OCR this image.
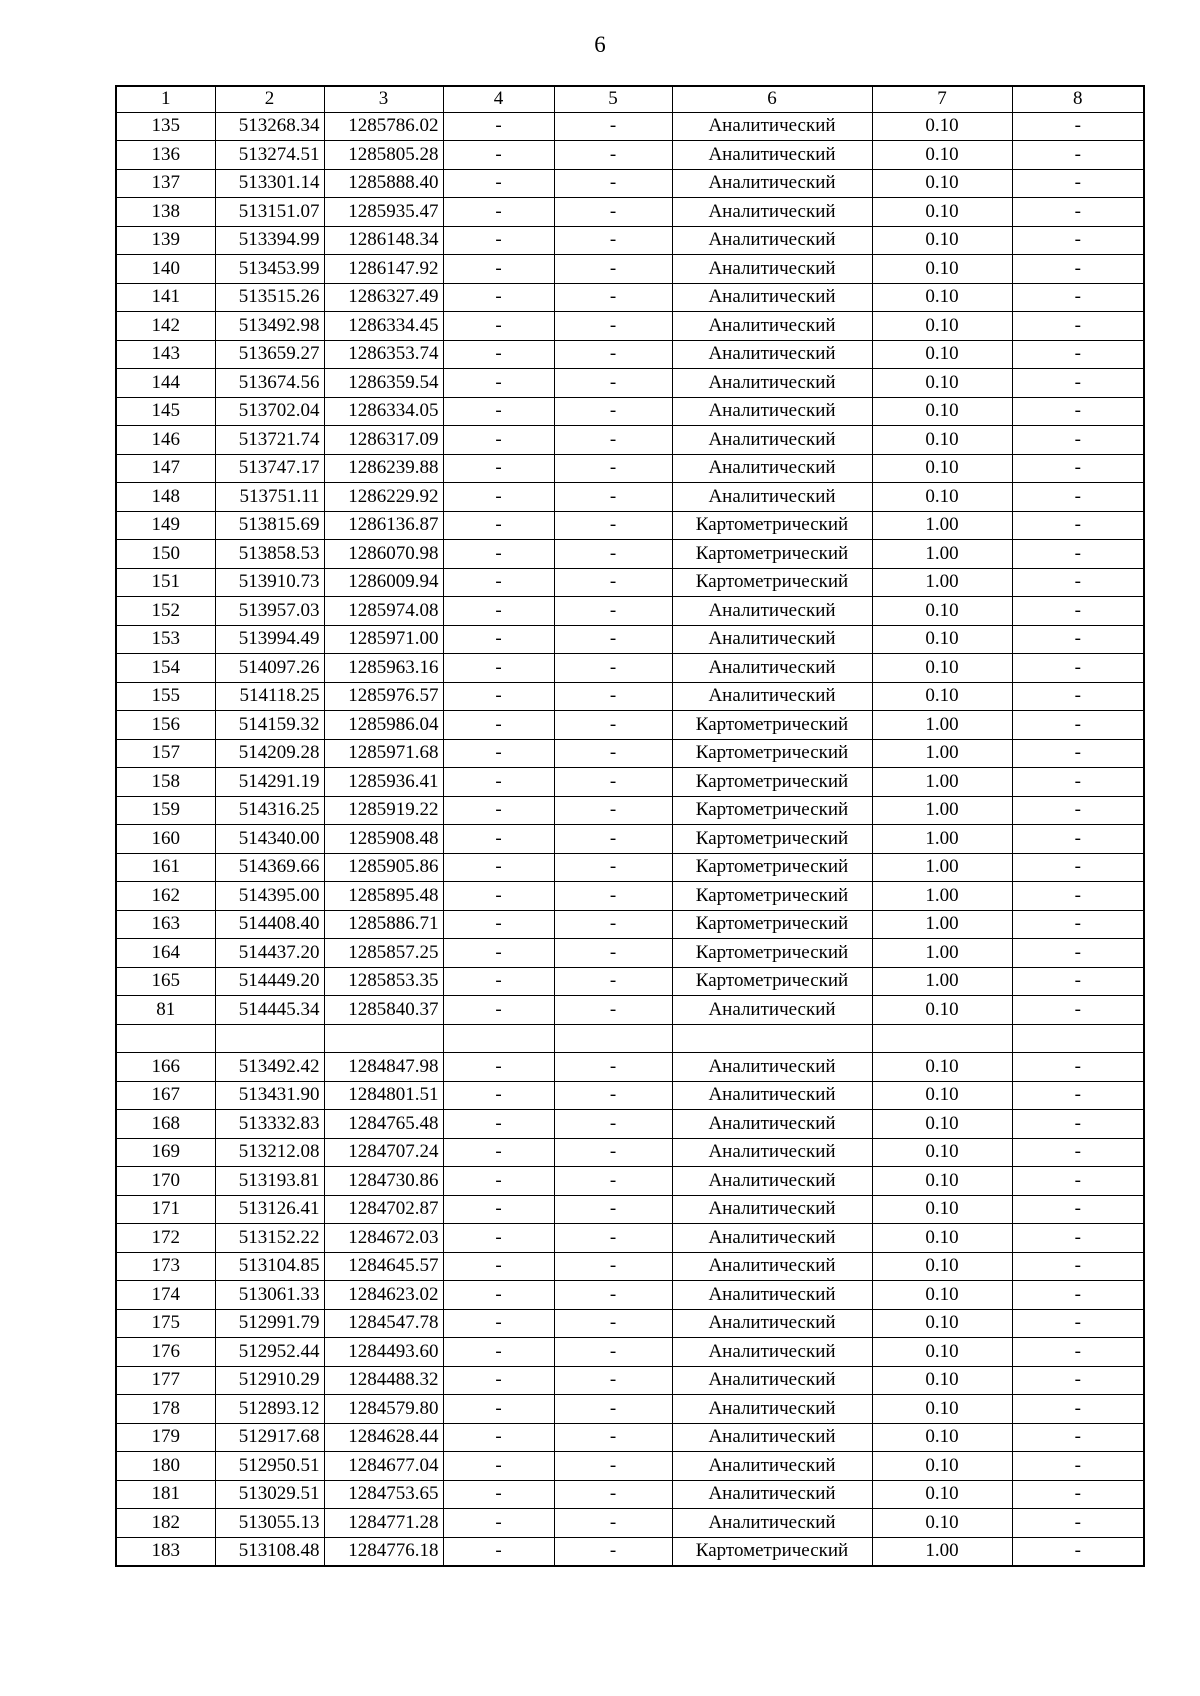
6
1	2	3	4	5	6	7	8
135	513268.34	1285786.02	-	-	Аналитический	0.10	-
136	513274.51	1285805.28	-	-	Аналитический	0.10	-
137	513301.14	1285888.40	-	-	Аналитический	0.10	-
138	513151.07	1285935.47	-	-	Аналитический	0.10	-
139	513394.99	1286148.34	-	-	Аналитический	0.10	-
140	513453.99	1286147.92	-	-	Аналитический	0.10	-
141	513515.26	1286327.49	-	-	Аналитический	0.10	-
142	513492.98	1286334.45	-	-	Аналитический	0.10	-
143	513659.27	1286353.74	-	-	Аналитический	0.10	-
144	513674.56	1286359.54	-	-	Аналитический	0.10	-
145	513702.04	1286334.05	-	-	Аналитический	0.10	-
146	513721.74	1286317.09	-	-	Аналитический	0.10	-
147	513747.17	1286239.88	-	-	Аналитический	0.10	-
148	513751.11	1286229.92	-	-	Аналитический	0.10	-
149	513815.69	1286136.87	-	-	Картометрический	1.00	-
150	513858.53	1286070.98	-	-	Картометрический	1.00	-
151	513910.73	1286009.94	-	-	Картометрический	1.00	-
152	513957.03	1285974.08	-	-	Аналитический	0.10	-
153	513994.49	1285971.00	-	-	Аналитический	0.10	-
154	514097.26	1285963.16	-	-	Аналитический	0.10	-
155	514118.25	1285976.57	-	-	Аналитический	0.10	-
156	514159.32	1285986.04	-	-	Картометрический	1.00	-
157	514209.28	1285971.68	-	-	Картометрический	1.00	-
158	514291.19	1285936.41	-	-	Картометрический	1.00	-
159	514316.25	1285919.22	-	-	Картометрический	1.00	-
160	514340.00	1285908.48	-	-	Картометрический	1.00	-
161	514369.66	1285905.86	-	-	Картометрический	1.00	-
162	514395.00	1285895.48	-	-	Картометрический	1.00	-
163	514408.40	1285886.71	-	-	Картометрический	1.00	-
164	514437.20	1285857.25	-	-	Картометрический	1.00	-
165	514449.20	1285853.35	-	-	Картометрический	1.00	-
81	514445.34	1285840.37	-	-	Аналитический	0.10	-

166	513492.42	1284847.98	-	-	Аналитический	0.10	-
167	513431.90	1284801.51	-	-	Аналитический	0.10	-
168	513332.83	1284765.48	-	-	Аналитический	0.10	-
169	513212.08	1284707.24	-	-	Аналитический	0.10	-
170	513193.81	1284730.86	-	-	Аналитический	0.10	-
171	513126.41	1284702.87	-	-	Аналитический	0.10	-
172	513152.22	1284672.03	-	-	Аналитический	0.10	-
173	513104.85	1284645.57	-	-	Аналитический	0.10	-
174	513061.33	1284623.02	-	-	Аналитический	0.10	-
175	512991.79	1284547.78	-	-	Аналитический	0.10	-
176	512952.44	1284493.60	-	-	Аналитический	0.10	-
177	512910.29	1284488.32	-	-	Аналитический	0.10	-
178	512893.12	1284579.80	-	-	Аналитический	0.10	-
179	512917.68	1284628.44	-	-	Аналитический	0.10	-
180	512950.51	1284677.04	-	-	Аналитический	0.10	-
181	513029.51	1284753.65	-	-	Аналитический	0.10	-
182	513055.13	1284771.28	-	-	Аналитический	0.10	-
183	513108.48	1284776.18	-	-	Картометрический	1.00	-
